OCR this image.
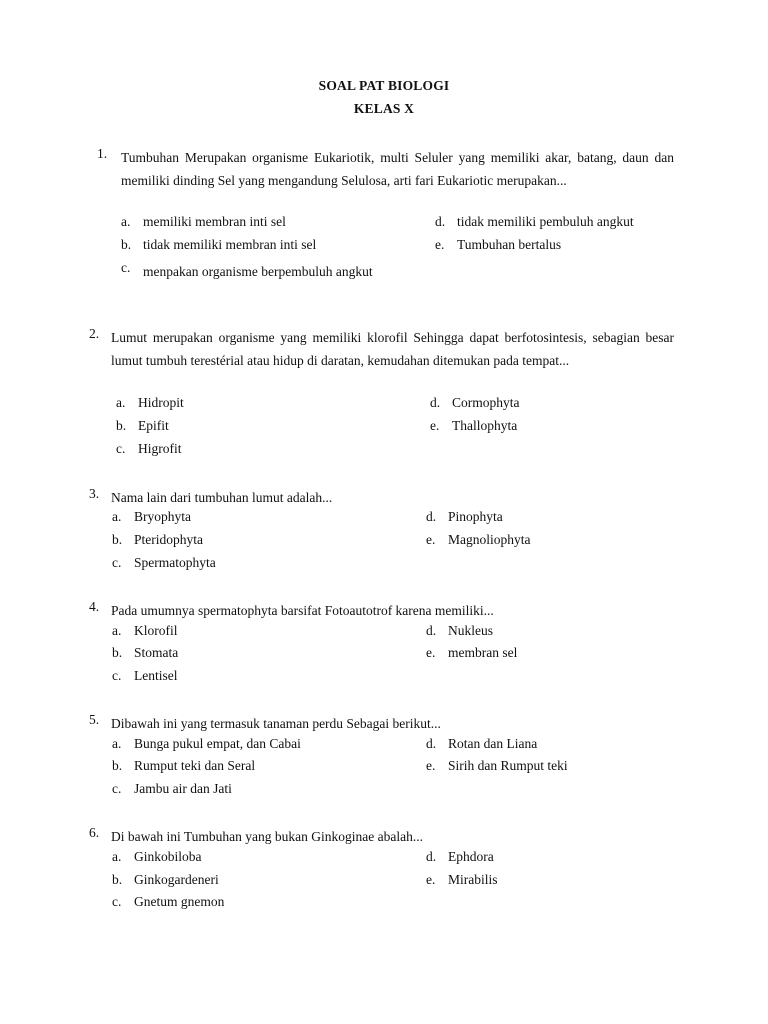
SOAL PAT BIOLOGI
KELAS X
1. Tumbuhan Merupakan organisme Eukariotik, multi Seluler yang memiliki akar, batang, daun dan memiliki dinding Sel yang mengandung Selulosa, arti fari Eukariotic merupakan...
a. memiliki membran inti sel
b. tidak memiliki membran inti sel
c. menpakan organisme berpembuluh angkut
d. tidak memiliki pembuluh angkut
e. Tumbuhan bertalus
2. Lumut merupakan organisme yang memiliki klorofil Sehingga dapat berfotosintesis, sebagian besar lumut tumbuh terestérial atau hidup di daratan, kemudahan ditemukan pada tempat...
a. Hidropit
b. Epifit
c. Higrofit
d. Cormophyta
e. Thallophyta
3. Nama lain dari tumbuhan lumut adalah...
a. Bryophyta
b. Pteridophyta
c. Spermatophyta
d. Pinophyta
e. Magnoliophyta
4. Pada umumnya spermatophyta barsifat Fotoautotrof karena memiliki...
a. Klorofil
b. Stomata
c. Lentisel
d. Nukleus
e. membran sel
5. Dibawah ini yang termasuk tanaman perdu Sebagai berikut...
a. Bunga pukul empat, dan Cabai
b. Rumput teki dan Seral
c. Jambu air dan Jati
d. Rotan dan Liana
e. Sirih dan Rumput teki
6. Di bawah ini Tumbuhan yang bukan Ginkoginae abalah...
a. Ginkobiloba
b. Ginkogardeneri
c. Gnetum gnemon
d. Ephdora
e. Mirabilis
